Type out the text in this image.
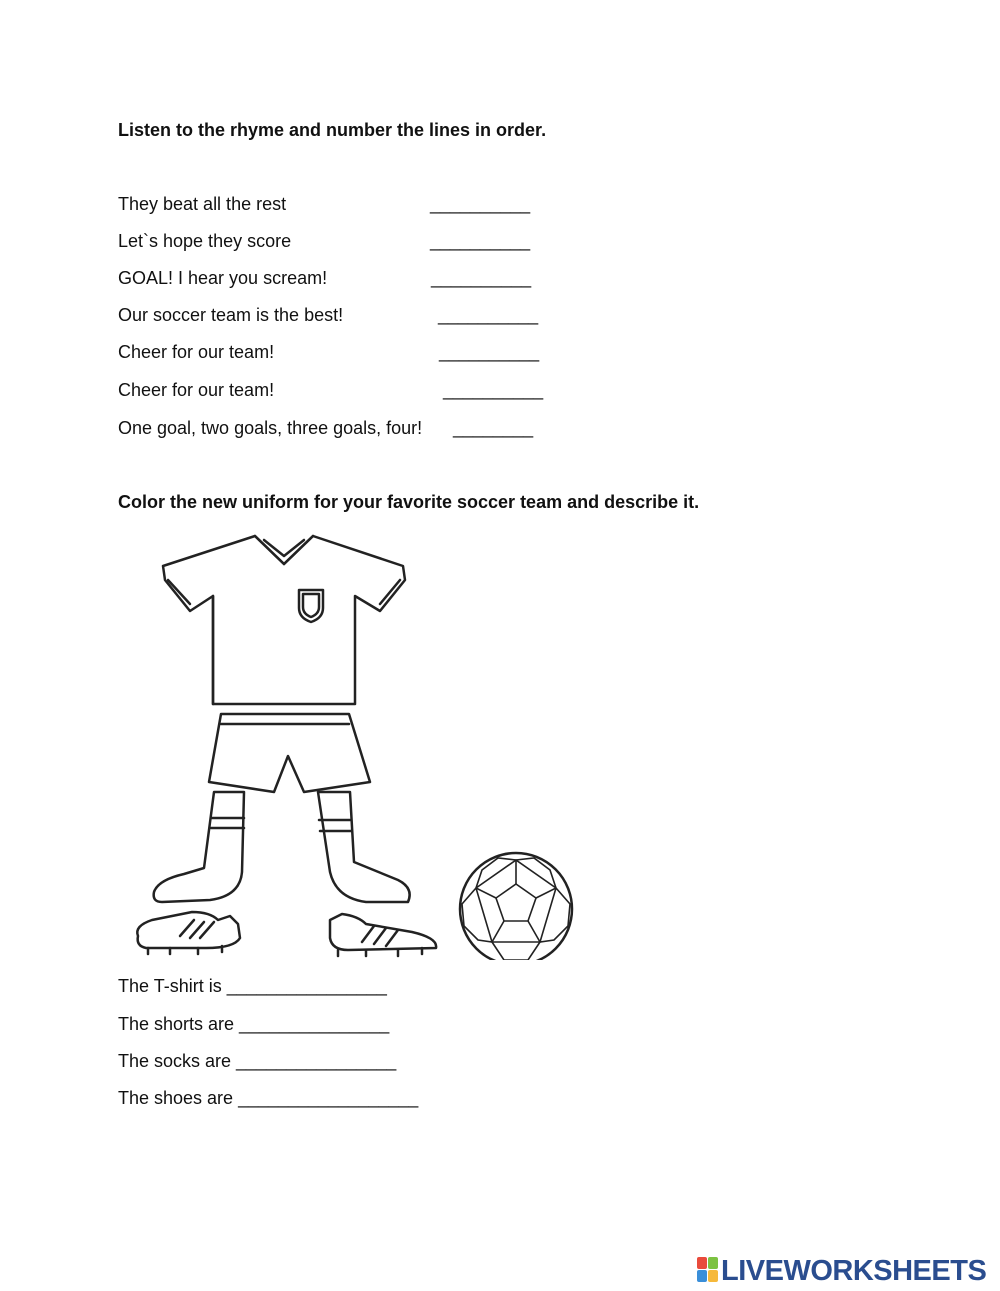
Listen to the rhyme and number the lines in order.
They beat all the rest	__________
Let`s hope they score	__________
GOAL! I hear you scream!	__________
Our soccer team is the best!	__________
Cheer for our team!	__________
Cheer for our team!	__________
One goal, two goals, three goals, four! ________
Color the new uniform for your favorite soccer team and describe it.
The T-shirt is ________________
The shorts are _______________
The socks are ________________
The shoes are __________________
LIVEWORKSHEETS
